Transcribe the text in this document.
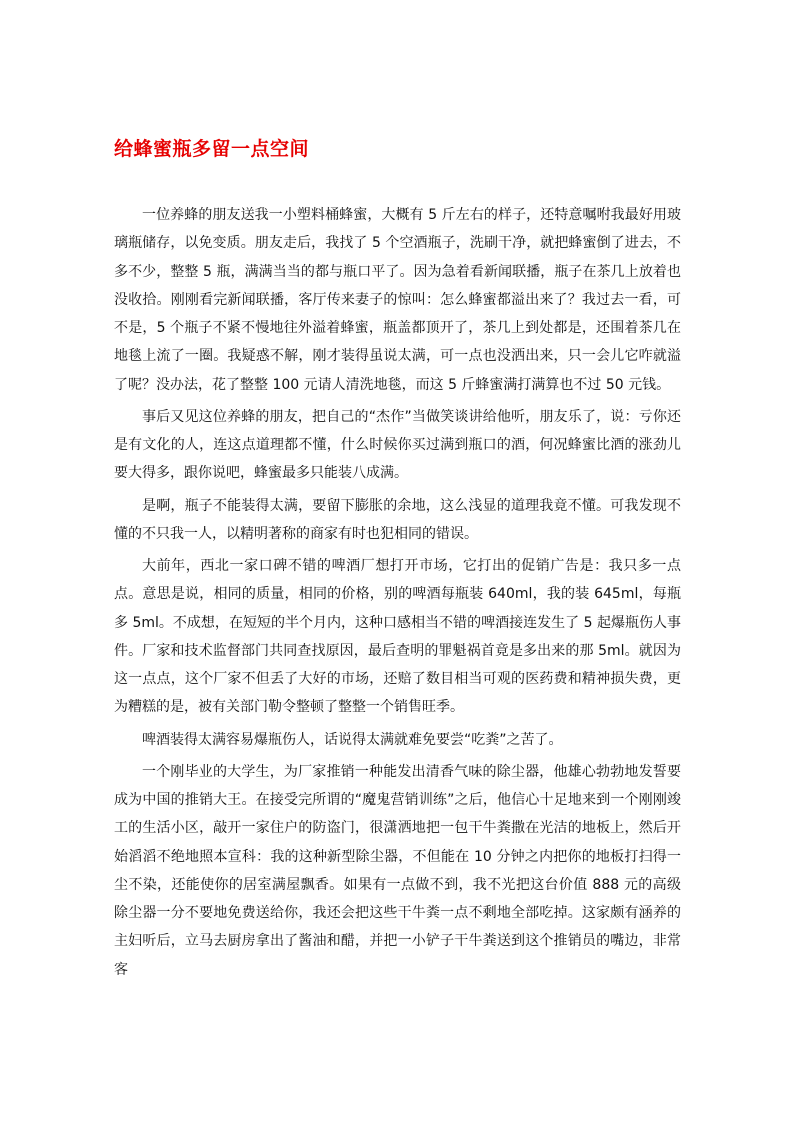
给蜂蜜瓶多留一点空间

一位养蜂的朋友送我一小塑料桶蜂蜜，大概有 5 斤左右的样子，还特意嘱咐我最好用玻璃瓶储存，以免变质。朋友走后，我找了 5 个空酒瓶子，洗刷干净，就把蜂蜜倒了进去，不多不少，整整 5 瓶，满满当当的都与瓶口平了。因为急着看新闻联播，瓶子在茶几上放着也没收拾。刚刚看完新闻联播，客厅传来妻子的惊叫：怎么蜂蜜都溢出来了？我过去一看，可不是，5 个瓶子不紧不慢地往外溢着蜂蜜，瓶盖都顶开了，茶几上到处都是，还围着茶几在地毯上流了一圈。我疑惑不解，刚才装得虽说太满，可一点也没洒出来，只一会儿它咋就溢了呢？没办法，花了整整 100 元请人清洗地毯，而这 5 斤蜂蜜满打满算也不过 50 元钱。

事后又见这位养蜂的朋友，把自己的“杰作”当做笑谈讲给他听，朋友乐了，说：亏你还是有文化的人，连这点道理都不懂，什么时候你买过满到瓶口的酒，何况蜂蜜比酒的涨劲儿要大得多，跟你说吧，蜂蜜最多只能装八成满。

是啊，瓶子不能装得太满，要留下膨胀的余地，这么浅显的道理我竟不懂。可我发现不懂的不只我一人，以精明著称的商家有时也犯相同的错误。

大前年，西北一家口碑不错的啤酒厂想打开市场，它打出的促销广告是：我只多一点点。意思是说，相同的质量，相同的价格，别的啤酒每瓶装 640ml，我的装 645ml，每瓶多 5ml。不成想，在短短的半个月内，这种口感相当不错的啤酒接连发生了 5 起爆瓶伤人事件。厂家和技术监督部门共同查找原因，最后查明的罪魁祸首竟是多出来的那 5ml。就因为这一点点，这个厂家不但丢了大好的市场，还赔了数目相当可观的医药费和精神损失费，更为糟糕的是，被有关部门勒令整顿了整整一个销售旺季。

啤酒装得太满容易爆瓶伤人，话说得太满就难免要尝“吃粪”之苦了。

一个刚毕业的大学生，为厂家推销一种能发出清香气味的除尘器，他雄心勃勃地发誓要成为中国的推销大王。在接受完所谓的“魔鬼营销训练”之后，他信心十足地来到一个刚刚竣工的生活小区，敲开一家住户的防盗门，很潇洒地把一包干牛粪撒在光洁的地板上，然后开始滔滔不绝地照本宣科：我的这种新型除尘器，不但能在 10 分钟之内把你的地板打扫得一尘不染，还能使你的居室满屋飘香。如果有一点做不到，我不光把这台价值 888 元的高级除尘器一分不要地免费送给你，我还会把这些干牛粪一点不剩地全部吃掉。这家颇有涵养的主妇听后，立马去厨房拿出了酱油和醋，并把一小铲子干牛粪送到这个推销员的嘴边，非常客
